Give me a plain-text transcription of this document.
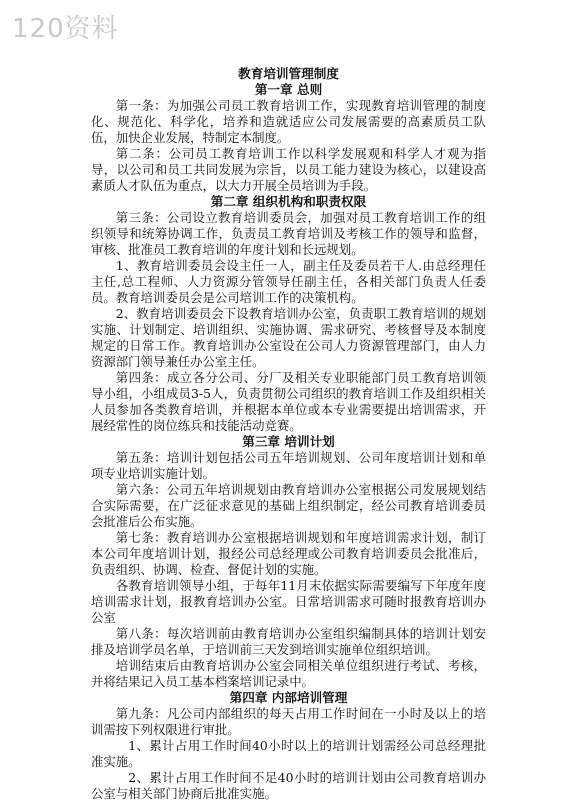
120资料
教育培训管理制度
第一章 总则

第一条：为加强公司员工教育培训工作，实现教育培训管理的制度化、规范化、科学化，培养和造就适应公司发展需要的高素质员工队伍，加快企业发展，特制定本制度。

第二条：公司员工教育培训工作以科学发展观和科学人才观为指导，以公司和员工共同发展为宗旨，以员工能力建设为核心，以建设高素质人才队伍为重点，以大力开展全员培训为手段。

第二章 组织机构和职责权限

第三条：公司设立教育培训委员会，加强对员工教育培训工作的组织领导和统筹协调工作，负责员工教育培训及考核工作的领导和监督，审核、批准员工教育培训的年度计划和长远规划。

1、教育培训委员会设主任一人，副主任及委员若干人.由总经理任主任,总工程师、人力资源分管领导任副主任，各相关部门负责人任委员。教育培训委员会是公司培训工作的决策机构。

2、教育培训委员会下设教育培训办公室，负责职工教育培训的规划实施、计划制定、培训组织、实施协调、需求研究、考核督导及本制度规定的日常工作。教育培训办公室设在公司人力资源管理部门，由人力资源部门领导兼任办公室主任。

第四条：成立各分公司、分厂及相关专业职能部门员工教育培训领导小组，小组成员3-5人，负责贯彻公司组织的教育培训工作及组织相关人员参加各类教育培训，并根据本单位或本专业需要提出培训需求，开展经常性的岗位练兵和技能活动竞赛。

第三章 培训计划

第五条：培训计划包括公司五年培训规划、公司年度培训计划和单项专业培训实施计划。

第六条：公司五年培训规划由教育培训办公室根据公司发展规划结合实际需要，在广泛征求意见的基础上组织制定，经公司教育培训委员会批准后公布实施。

第七条：教育培训办公室根据培训规划和年度培训需求计划，制订本公司年度培训计划，报经公司总经理或公司教育培训委员会批准后，负责组织、协调、检查、督促计划的实施。

各教育培训领导小组，于每年11月末依据实际需要编写下年度年度培训需求计划，报教育培训办公室。日常培训需求可随时报教育培训办公室

第八条：每次培训前由教育培训办公室组织编制具体的培训计划安排及培训学员名单，于培训前三天发到培训实施单位组织培训。

培训结束后由教育培训办公室会同相关单位组织进行考试、考核，并将结果记入员工基本档案培训记录中。

第四章 内部培训管理

第九条：凡公司内部组织的每天占用工作时间在一小时及以上的培训需按下列权限进行审批。

1、累计占用工作时间40小时以上的培训计划需经公司总经理批准实施。

2、累计占用工作时间不足40小时的培训计划由公司教育培训办公室与相关部门协商后批准实施。
